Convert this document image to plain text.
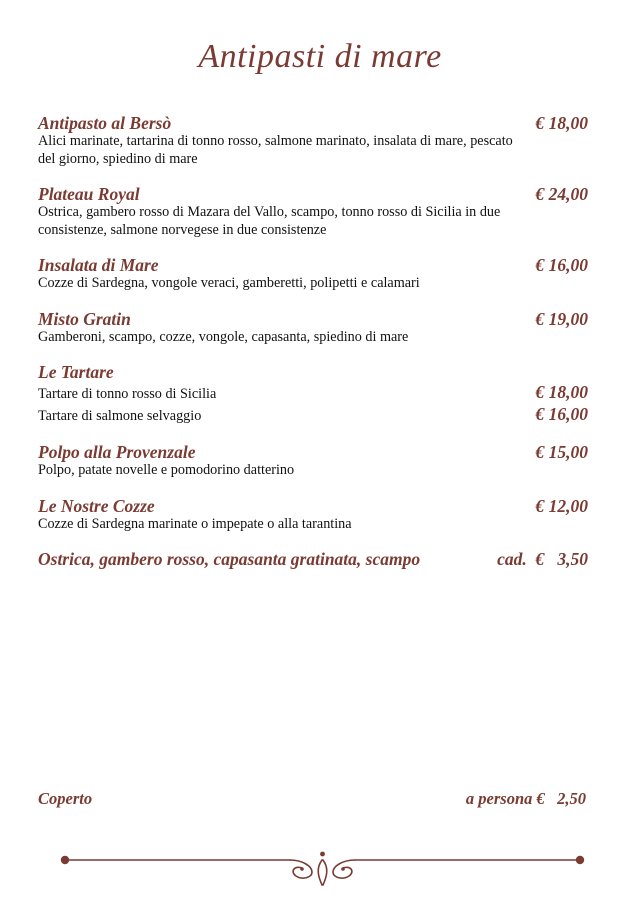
Antipasti di mare
Antipasto al Bersò	€ 18,00
Alici marinate, tartarina di tonno rosso, salmone marinato, insalata di mare, pescato del giorno, spiedino di mare
Plateau Royal	€ 24,00
Ostrica, gambero rosso di Mazara del Vallo, scampo, tonno rosso di Sicilia in due consistenze, salmone norvegese in due consistenze
Insalata di Mare	€ 16,00
Cozze di Sardegna, vongole veraci, gamberetti, polipetti e calamari
Misto Gratin	€ 19,00
Gamberoni, scampo, cozze, vongole, capasanta, spiedino di mare
Le Tartare
Tartare di tonno rosso di Sicilia	€ 18,00
Tartare di salmone selvaggio	€ 16,00
Polpo alla Provenzale	€ 15,00
Polpo, patate novelle e pomodorino datterino
Le Nostre Cozze	€ 12,00
Cozze di Sardegna marinate o impepate o alla tarantina
Ostrica, gambero rosso, capasanta gratinata, scampo	cad.  €   3,50
Coperto	a persona €   2,50
